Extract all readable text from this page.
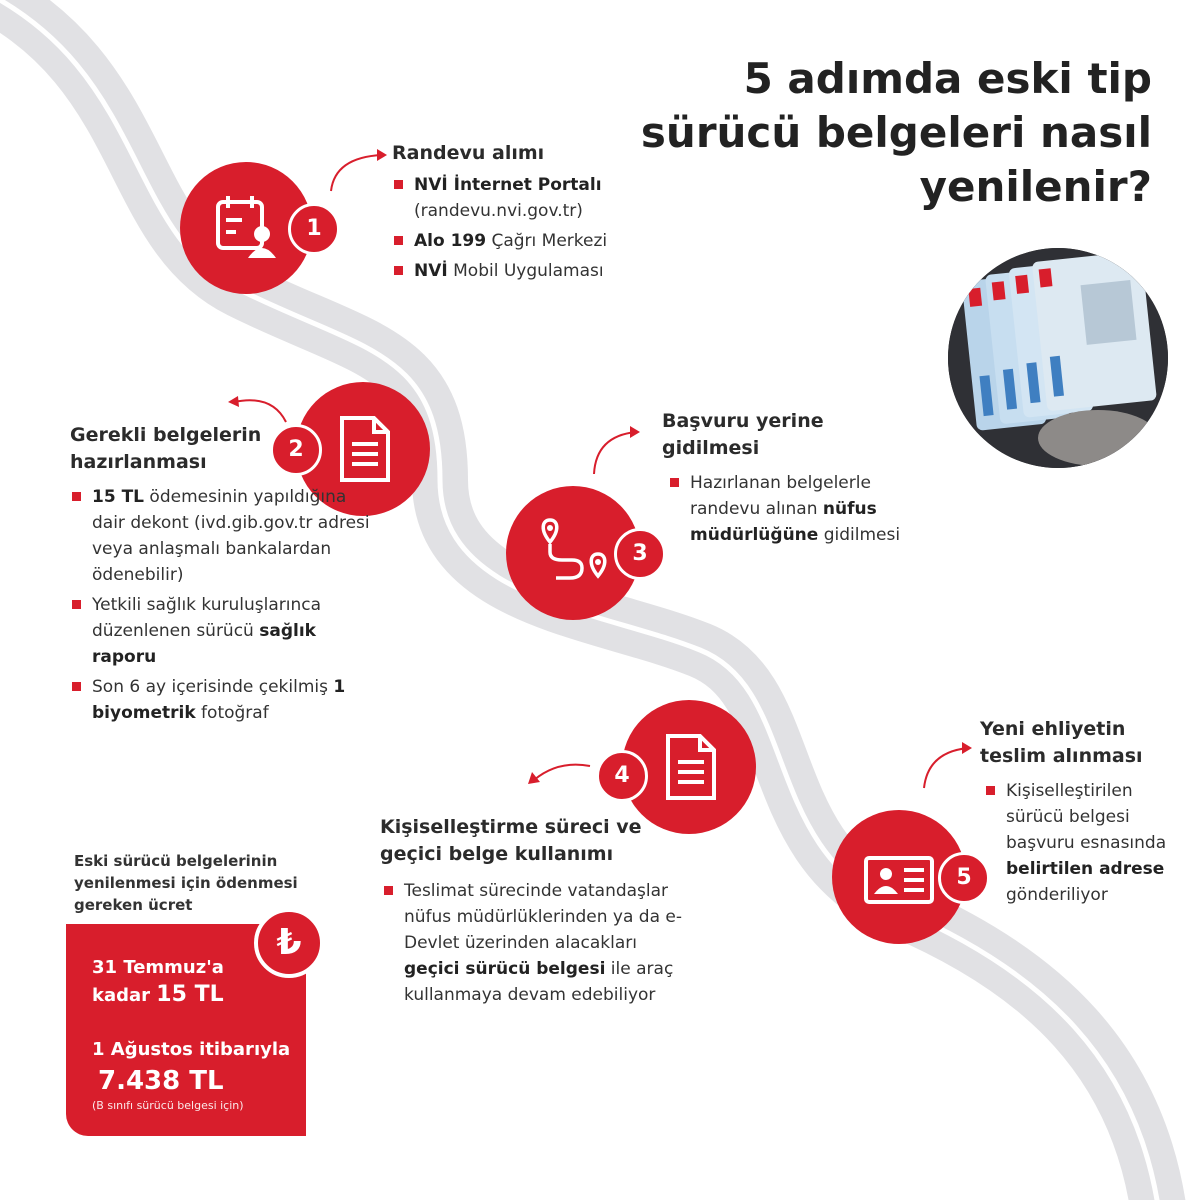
5 adımda eski tip
sürücü belgeleri nasıl
yenilenir?
1
Randevu alımı
NVİ İnternet Portalı (randevu.nvi.gov.tr)
Alo 199 Çağrı Merkezi
NVİ Mobil Uygulaması
2
Gerekli belgelerin
hazırlanması
15 TL ödemesinin yapıldığına dair dekont (ivd.gib.gov.tr adresi veya anlaşmalı bankalardan ödenebilir)
Yetkili sağlık kuruluşlarınca düzenlenen sürücü sağlık raporu
Son 6 ay içerisinde çekilmiş 1 biyometrik fotoğraf
3
Başvuru yerine
gidilmesi
Hazırlanan belgelerle randevu alınan nüfus müdürlüğüne gidilmesi
4
Kişiselleştirme süreci ve
geçici belge kullanımı
Teslimat sürecinde vatandaşlar nüfus müdürlüklerinden ya da e-Devlet üzerinden alacakları geçici sürücü belgesi ile araç kullanmaya devam edebiliyor
5
Yeni ehliyetin
teslim alınması
Kişiselleştirilen sürücü belgesi başvuru esnasında belirtilen adrese gönderiliyor
Eski sürücü belgelerinin yenilenmesi için ödenmesi gereken ücret
31 Temmuz'a
kadar 15 TL
1 Ağustos itibarıyla
7.438 TL
(B sınıfı sürücü belgesi için)
₺
